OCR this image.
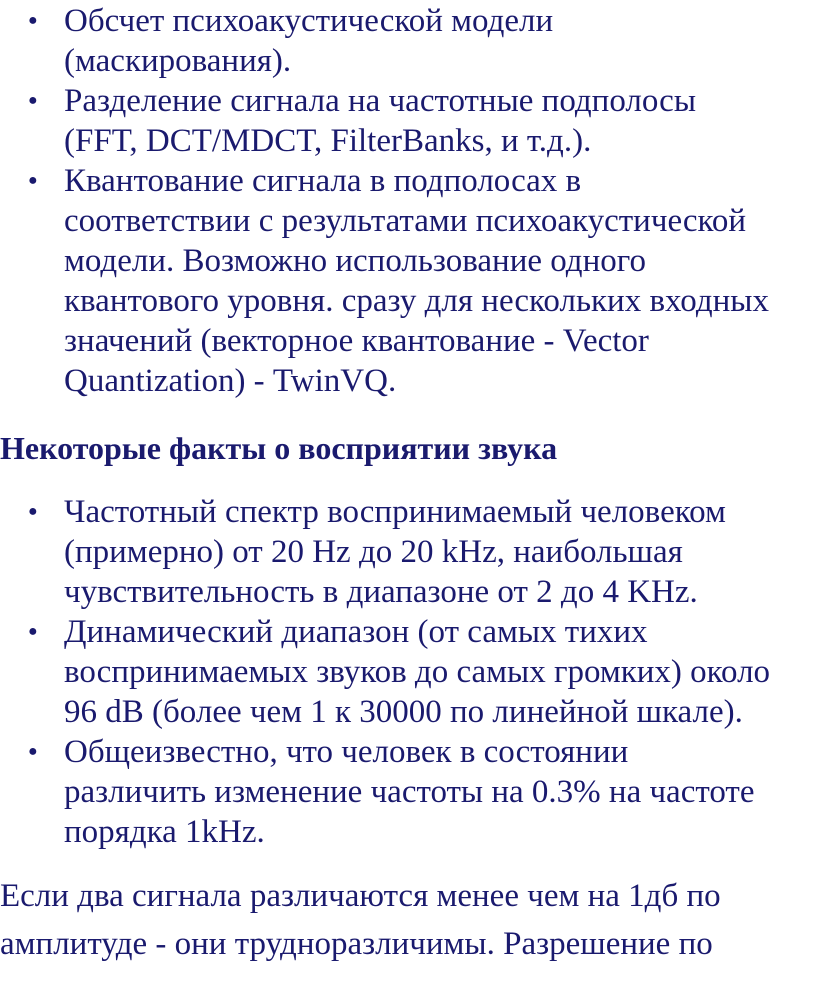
● Обсчет психоакустической модели
(маскирования).
● Разделение сигнала на частотные подполосы
(FFT, DCT/MDCT, FilterBanks, и т.д.).
● Квантование сигнала в подполосах в
соответствии с результатами психоакустической
модели. Возможно использование одного
квантового уровня. сразу для нескольких входных
значений (векторное квантование - Vector
Quantization) - TwinVQ.
Некоторые факты о восприятии звука
● Частотный спектр воспринимаемый человеком
(примерно) от 20 Hz до 20 kHz, наибольшая
чувствительность в диапазоне от 2 до 4 KHz.
● Динамический диапазон (от самых тихих
воспринимаемых звуков до самых громких) около
96 dB (более чем 1 к 30000 по линейной шкале).
● Общеизвестно, что человек в состоянии
различить изменение частоты на 0.3% на частоте
порядка 1kHz.

Если два сигнала различаются менее чем на 1дб по
амплитуде - они трудноразличимы. Разрешение по
